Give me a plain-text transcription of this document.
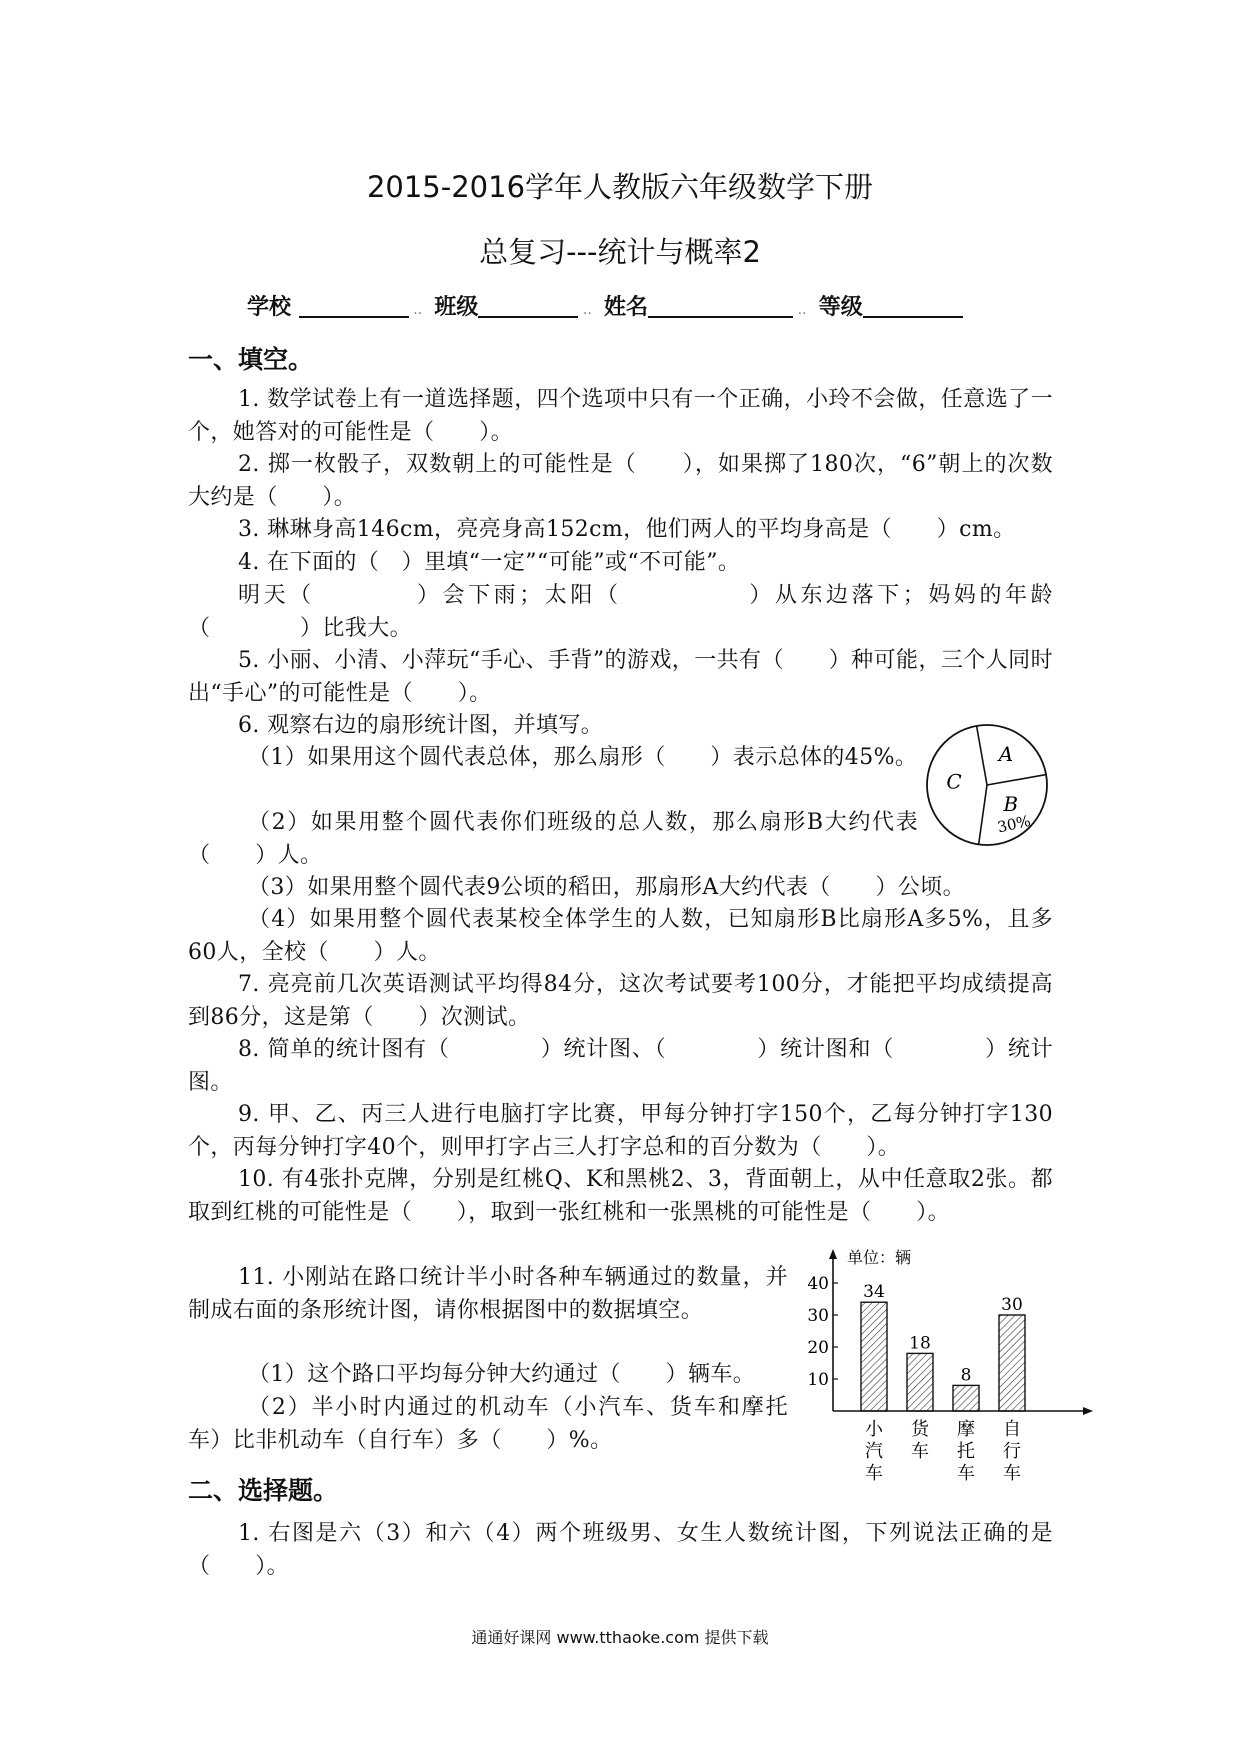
2015-2016学年人教版六年级数学下册
总复习---统计与概率2
学校	.. 班级	.. 姓名	.. 等级
一、填空。
1. 数学试卷上有一道选择题，四个选项中只有一个正确，小玲不会做，任意选了一个，她答对的可能性是（　　）。
2. 掷一枚骰子，双数朝上的可能性是（　　），如果掷了180次，“6”朝上的次数大约是（　　）。
3. 琳琳身高146cm，亮亮身高152cm，他们两人的平均身高是（　　）cm。
4. 在下面的（　）里填“一定”“可能”或“不可能”。
明天（　　　　）会下雨；太阳（　　　　　）从东边落下；妈妈的年龄（　　　　）比我大。
5. 小丽、小清、小萍玩“手心、手背”的游戏，一共有（　　）种可能，三个人同时出“手心”的可能性是（　　）。
6. 观察右边的扇形统计图，并填写。
（1）如果用这个圆代表总体，那么扇形（　　）表示总体的45%。
（2）如果用整个圆代表你们班级的总人数，那么扇形B大约代表（　　）人。
（3）如果用整个圆代表9公顷的稻田，那扇形A大约代表（　　）公顷。
（4）如果用整个圆代表某校全体学生的人数，已知扇形B比扇形A多5%，且多60人，全校（　　）人。
7. 亮亮前几次英语测试平均得84分，这次考试要考100分，才能把平均成绩提高到86分，这是第（　　）次测试。
8. 简单的统计图有（　　　　）统计图、（　　　　）统计图和（　　　　）统计图。
9. 甲、乙、丙三人进行电脑打字比赛，甲每分钟打字150个，乙每分钟打字130个，丙每分钟打字40个，则甲打字占三人打字总和的百分数为（　　）。
10. 有4张扑克牌，分别是红桃Q、K和黑桃2、3，背面朝上，从中任意取2张。都取到红桃的可能性是（　　），取到一张红桃和一张黑桃的可能性是（　　）。
11. 小刚站在路口统计半小时各种车辆通过的数量，并制成右面的条形统计图，请你根据图中的数据填空。
（1）这个路口平均每分钟大约通过（　　）辆车。
（2）半小时内通过的机动车（小汽车、货车和摩托车）比非机动车（自行车）多（　　）%。
二、选择题。
1. 右图是六（3）和六（4）两个班级男、女生人数统计图，下列说法正确的是（　　）。
A
B
30%
C
单位：辆
10
20
30
40 34
小
汽
车
18
货
车
8
摩
托
车
30
自
行
车
通通好课网 www.tthaoke.com 提供下载
